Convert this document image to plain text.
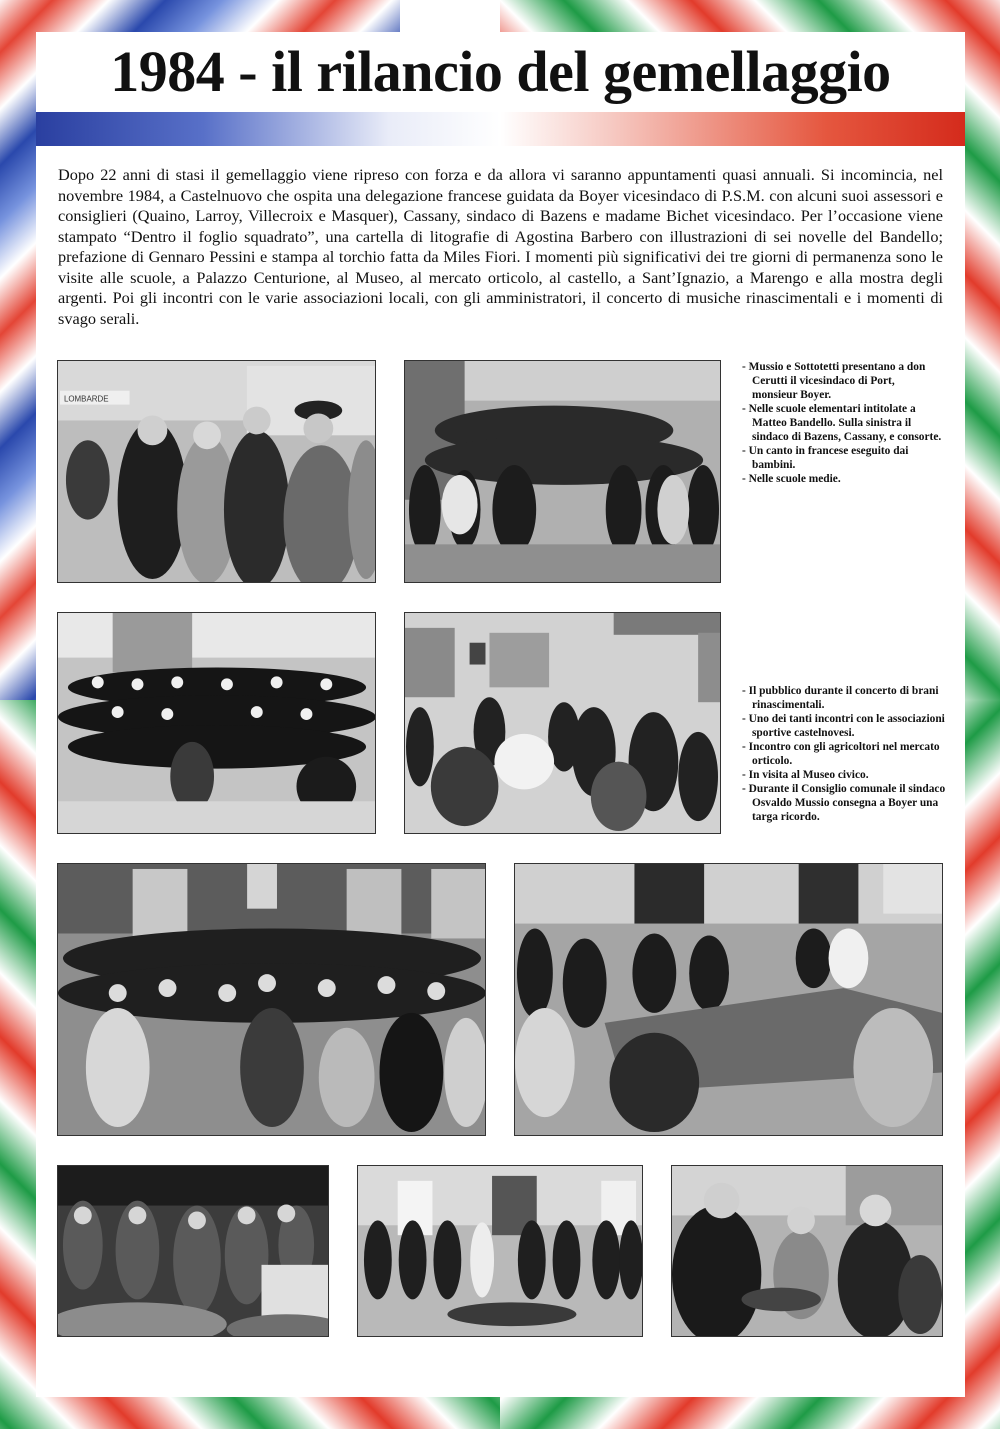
1984 - il rilancio del gemellaggio

Dopo 22 anni di stasi il gemellaggio viene ripreso con forza e da allora vi saranno appuntamenti quasi annuali. Si incomincia, nel novembre 1984, a Castelnuovo che ospita una delegazione francese guidata da Boyer vicesindaco di P.S.M. con alcuni suoi assessori e consiglieri (Quaino, Larroy, Villecroix e Masquer), Cassany, sindaco di Bazens e madame Bichet vicesindaco. Per l’occasione viene stampato “Dentro il foglio squadrato”, una cartella di litografie di Agostina Barbero con illustrazioni di sei novelle del Bandello; prefazione di Gennaro Pessini e stampa al torchio fatta da Miles Fiori. I momenti più significativi dei tre giorni di permanenza sono le visite alle scuole, a Palazzo Centurione, al Museo, al mercato orticolo, al castello, a Sant’Ignazio, a Marengo e alla mostra degli argenti. Poi gli incontri con le varie associazioni locali, con gli amministratori, il concerto di musiche rinascimentali e i momenti di svago serali.

LOMBARDE
- Mussio e Sottotetti presentano a don Cerutti il vicesindaco di Port, monsieur Boyer.
- Nelle scuole elementari intitolate a Matteo Bandello. Sulla sinistra il sindaco di Bazens, Cassany, e consorte.
- Un canto in francese eseguito dai bambini.
- Nelle scuole medie.
- Il pubblico durante il concerto di brani rinascimentali.
- Uno dei tanti incontri con le associazioni sportive castelnovesi.
- Incontro con gli agricoltori nel mercato orticolo.
- In visita al Museo civico.
- Durante il Consiglio comunale il sindaco Osvaldo Mussio consegna a Boyer una targa ricordo.
